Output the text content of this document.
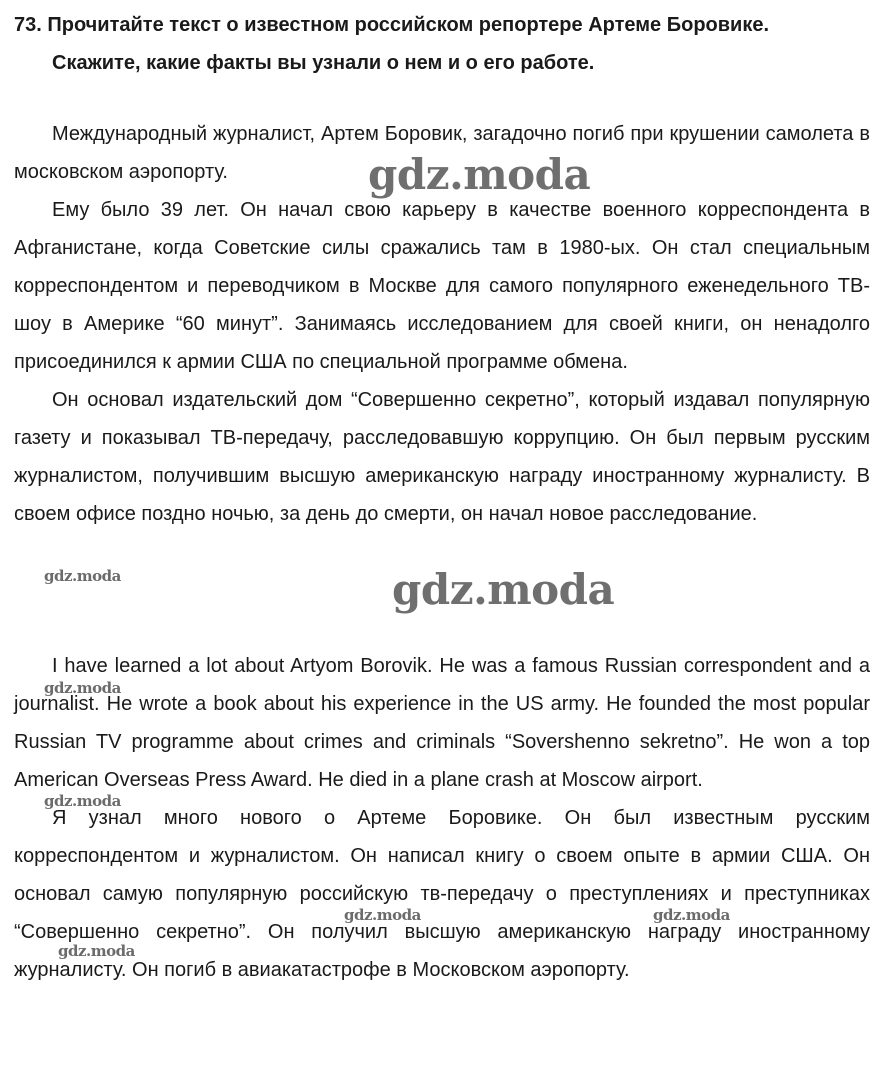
73. Прочитайте текст о известном российском репортере Артеме Боровике.
Скажите, какие факты вы узнали о нем и о его работе.

Международный журналист, Артем Боровик, загадочно погиб при крушении самолета в московском аэропорту.

Ему было 39 лет. Он начал свою карьеру в качестве военного корреспондента в Афганистане, когда Советские силы сражались там в 1980-ых. Он стал специальным корреспондентом и переводчиком в Москве для самого популярного еженедельного ТВ-шоу в Америке “60 минут”. Занимаясь исследованием для своей книги, он ненадолго присоединился к армии США по специальной программе обмена.

Он основал издательский дом “Совершенно секретно”, который издавал популярную газету и показывал ТВ-передачу, расследовавшую коррупцию. Он был первым русским журналистом, получившим высшую американскую награду иностранному журналисту. В своем офисе поздно ночью, за день до смерти, он начал новое расследование.

I have learned a lot about Artyom Borovik. He was a famous Russian correspondent and a journalist. He wrote a book about his experience in the US army. He founded the most popular Russian TV programme about crimes and criminals “Sovershenno sekretno”. He won a top American Overseas Press Award. He died in a plane crash at Moscow airport.

Я узнал много нового о Артеме Боровике. Он был известным русским корреспондентом и журналистом. Он написал книгу о своем опыте в армии США. Он основал самую популярную российскую тв-передачу о преступлениях и преступниках “Совершенно секретно”. Он получил высшую американскую награду иностранному журналисту. Он погиб в авиакатастрофе в Московском аэропорту.

gdz.moda
gdz.moda
gdz.moda
gdz.moda
gdz.moda
gdz.moda	gdz.moda
gdz.moda
